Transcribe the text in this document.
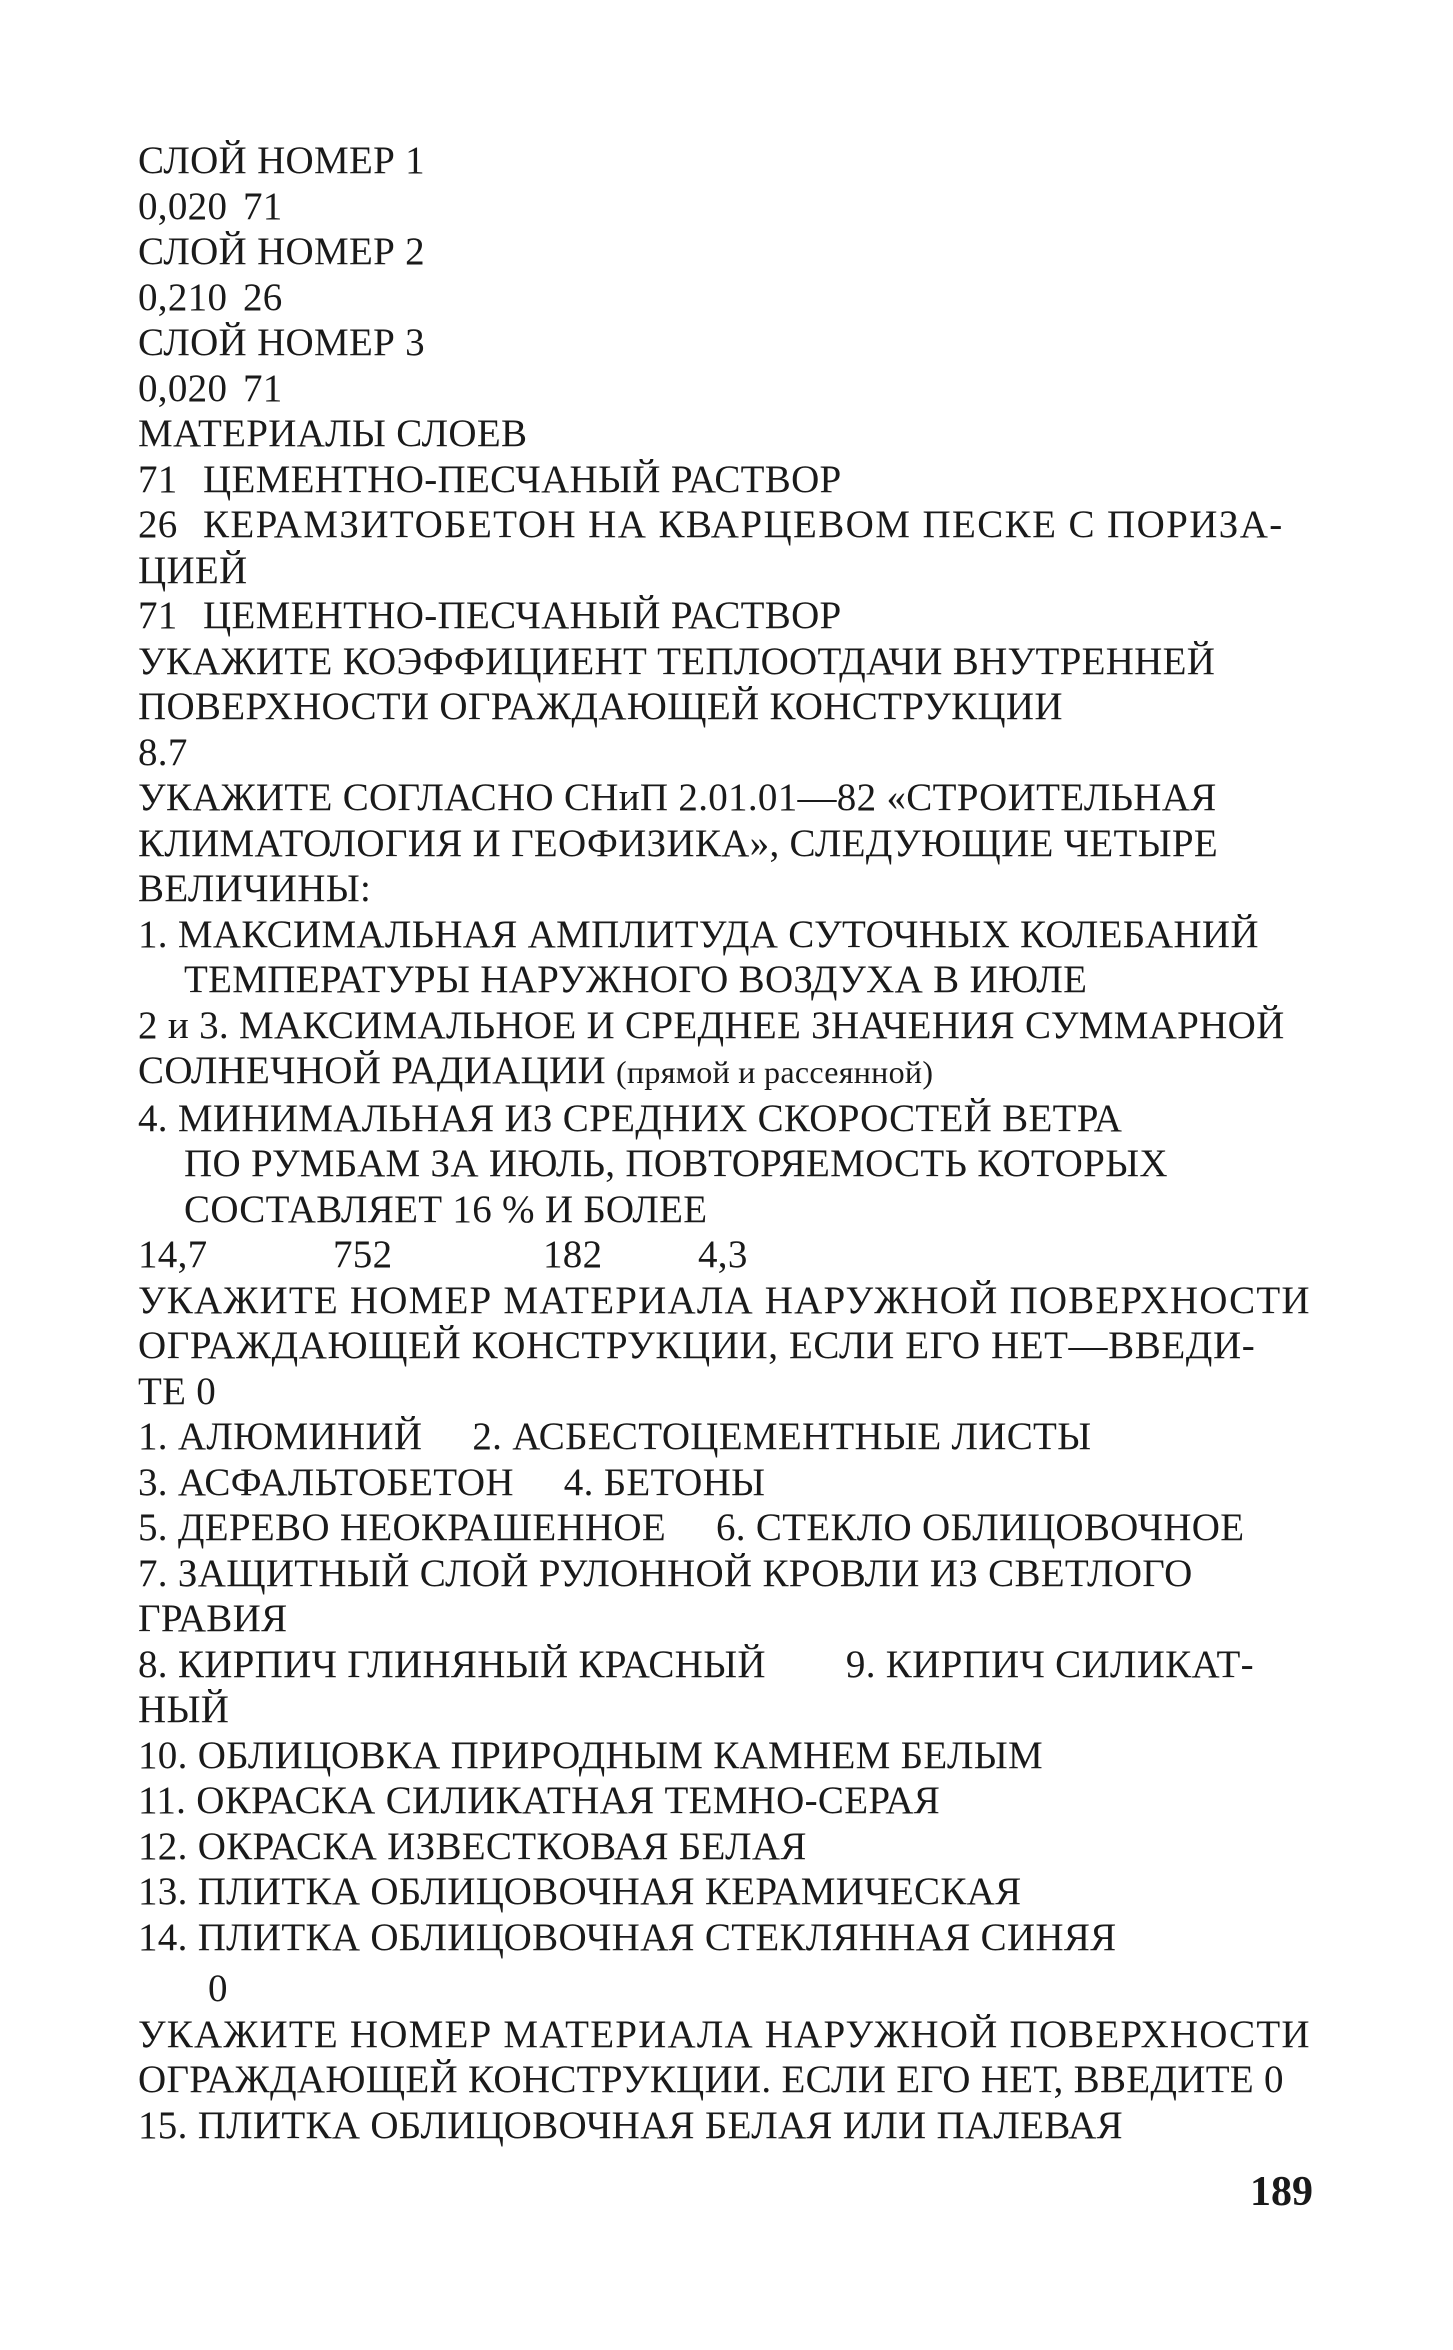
СЛОЙ НОМЕР 1
0,020 71
СЛОЙ НОМЕР 2
0,210 26
СЛОЙ НОМЕР 3
0,020 71
МАТЕРИАЛЫ СЛОЕВ
71 ЦЕМЕНТНО-ПЕСЧАНЫЙ РАСТВОР
26 КЕРАМЗИТОБЕТОН НА КВАРЦЕВОМ ПЕСКЕ С ПОРИЗА-
ЦИЕЙ
71 ЦЕМЕНТНО-ПЕСЧАНЫЙ РАСТВОР
УКАЖИТЕ КОЭФФИЦИЕНТ ТЕПЛООТДАЧИ ВНУТРЕННЕЙ
ПОВЕРХНОСТИ ОГРАЖДАЮЩЕЙ КОНСТРУКЦИИ
8.7
УКАЖИТЕ СОГЛАСНО СНиП 2.01.01—82 «СТРОИТЕЛЬНАЯ
КЛИМАТОЛОГИЯ И ГЕОФИЗИКА», СЛЕДУЮЩИЕ ЧЕТЫРЕ
ВЕЛИЧИНЫ:
1. МАКСИМАЛЬНАЯ АМПЛИТУДА СУТОЧНЫХ КОЛЕБАНИЙ
ТЕМПЕРАТУРЫ НАРУЖНОГО ВОЗДУХА В ИЮЛЕ
2 и 3. МАКСИМАЛЬНОЕ И СРЕДНЕЕ ЗНАЧЕНИЯ СУММАРНОЙ
СОЛНЕЧНОЙ РАДИАЦИИ (прямой и рассеянной)
4. МИНИМАЛЬНАЯ ИЗ СРЕДНИХ СКОРОСТЕЙ ВЕТРА
ПО РУМБАМ ЗА ИЮЛЬ, ПОВТОРЯЕМОСТЬ КОТОРЫХ
СОСТАВЛЯЕТ 16 % И БОЛЕЕ
14,7	752	182	4,3
УКАЖИТЕ НОМЕР МАТЕРИАЛА НАРУЖНОЙ ПОВЕРХНОСТИ
ОГРАЖДАЮЩЕЙ КОНСТРУКЦИИ, ЕСЛИ ЕГО НЕТ—ВВЕДИ-
ТЕ 0
1. АЛЮМИНИЙ 2. АСБЕСТОЦЕМЕНТНЫЕ ЛИСТЫ
3. АСФАЛЬТОБЕТОН 4. БЕТОНЫ
5. ДЕРЕВО НЕОКРАШЕННОЕ 6. СТЕКЛО ОБЛИЦОВОЧНОЕ
7. ЗАЩИТНЫЙ СЛОЙ РУЛОННОЙ КРОВЛИ ИЗ СВЕТЛОГО
ГРАВИЯ
8. КИРПИЧ ГЛИНЯНЫЙ КРАСНЫЙ 9. КИРПИЧ СИЛИКАТ-
НЫЙ
10. ОБЛИЦОВКА ПРИРОДНЫМ КАМНЕМ БЕЛЫМ
11. ОКРАСКА СИЛИКАТНАЯ ТЕМНО-СЕРАЯ
12. ОКРАСКА ИЗВЕСТКОВАЯ БЕЛАЯ
13. ПЛИТКА ОБЛИЦОВОЧНАЯ КЕРАМИЧЕСКАЯ
14. ПЛИТКА ОБЛИЦОВОЧНАЯ СТЕКЛЯННАЯ СИНЯЯ
0
УКАЖИТЕ НОМЕР МАТЕРИАЛА НАРУЖНОЙ ПОВЕРХНОСТИ
ОГРАЖДАЮЩЕЙ КОНСТРУКЦИИ. ЕСЛИ ЕГО НЕТ, ВВЕДИТЕ 0
15. ПЛИТКА ОБЛИЦОВОЧНАЯ БЕЛАЯ ИЛИ ПАЛЕВАЯ
189
